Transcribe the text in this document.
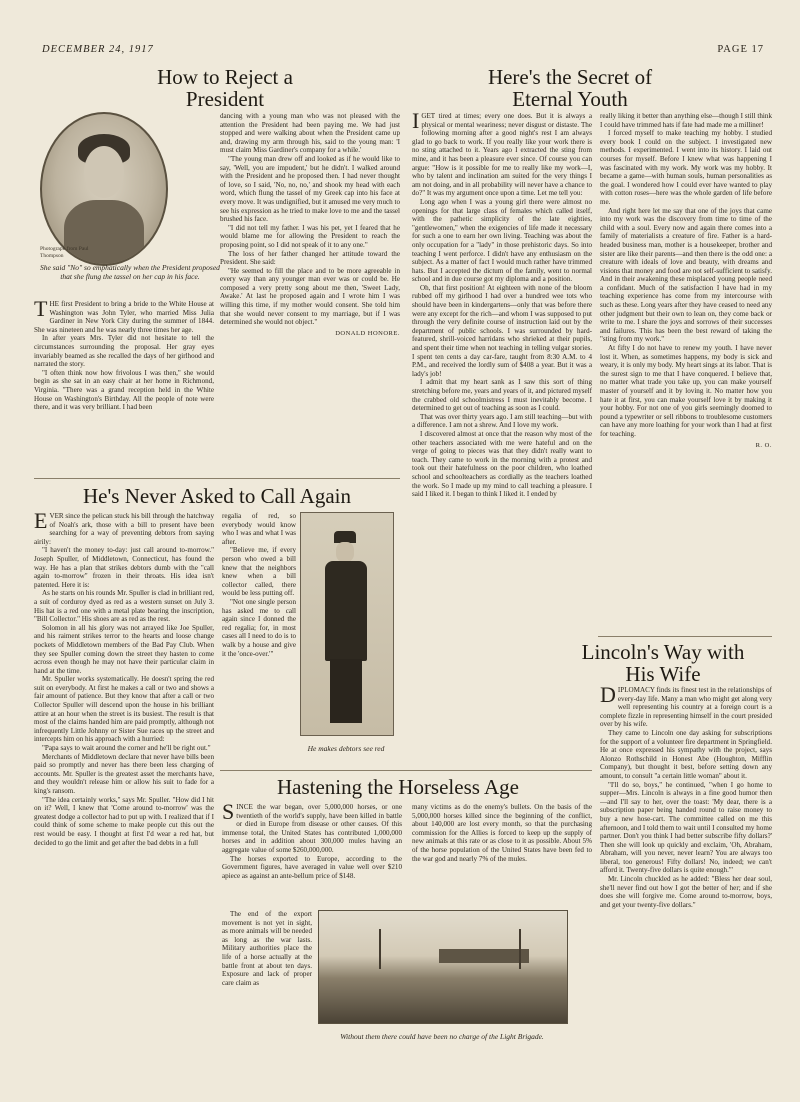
DECEMBER 24, 1917	PAGE 17
How to Reject a President
Photograph from Paul Thompson
She said "No" so emphatically when the President proposed that she flung the tassel on her cap in his face.

THE first President to bring a bride to the White House at Washington was John Tyler, who married Miss Julia Gardiner in New York City during the summer of 1844. She was nineteen and he was nearly three times her age.

In after years Mrs. Tyler did not hesitate to tell the circumstances surrounding the proposal. Her gray eyes invariably beamed as she recalled the days of her girlhood and narrated the story.

"I often think now how frivolous I was then," she would begin as she sat in an easy chair at her home in Richmond, Virginia. "There was a grand reception held in the White House on Washington's Birthday. All the people of note were there, and it was very brilliant. I had been

dancing with a young man who was not pleased with the attention the President had been paying me. We had just stopped and were walking about when the President came up and, drawing my arm through his, said to the young man: 'I must claim Miss Gardiner's company for a while.'

"The young man drew off and looked as if he would like to say, 'Well, you are impudent,' but he didn't. I walked around with the President and he proposed then. I had never thought of love, so I said, 'No, no, no,' and shook my head with each word, which flung the tassel of my Greek cap into his face at every move. It was undignified, but it amused me very much to see his expression as he tried to make love to me and the tassel brushed his face.

"I did not tell my father. I was his pet, yet I feared that he would blame me for allowing the President to reach the proposing point, so I did not speak of it to any one."

The loss of her father changed her attitude toward the President. She said:

"He seemed to fill the place and to be more agreeable in every way than any younger man ever was or could be. He composed a very pretty song about me then, 'Sweet Lady, Awake.' At last he proposed again and I wrote him I was willing this time, if my mother would consent. She told him that she would never consent to my marriage, but if I was determined she would not object."

DONALD HONORE.

Here's the Secret of Eternal Youth

IGET tired at times; every one does. But it is always a physical or mental weariness; never disgust or distaste. The following morning after a good night's rest I am always glad to go back to work. If you really like your work there is no sting attached to it. Years ago I extracted the sting from mine, and it has been a pleasure ever since. Of course you can argue: "How is it possible for me to really like my work—I, who by talent and inclination am suited for the very things I am not doing, and in all probability will never have a chance to do?" It was my argument once upon a time. Let me tell you:

Long ago when I was a young girl there were almost no openings for that large class of females which called itself, with the pathetic simplicity of the late eighties, "gentlewomen," when the exigencies of life made it necessary for such a one to earn her own living. Teaching was about the only occupation for a "lady" in those prehistoric days. So into teaching I went perforce. I didn't have any enthusiasm on the subject. As a matter of fact I would much rather have trimmed hats. But I accepted the dictum of the family, went to normal school and in due course got my diploma and a position.

Oh, that first position! At eighteen with none of the bloom rubbed off my girlhood I had over a hundred wee tots who should have been in kindergartens—only that was before there were any except for the rich—and whom I was supposed to put through the very definite course of instruction laid out by the department of public schools. I was surrounded by hard-featured, shrill-voiced harridans who shrieked at their pupils, and spent their time when not teaching in telling vulgar stories. I spent ten cents a day car-fare, taught from 8:30 A.M. to 4 P.M., and received the lordly sum of $408 a year. But it was a lady's job!

I admit that my heart sank as I saw this sort of thing stretching before me, years and years of it, and pictured myself the crabbed old schoolmistress I must inevitably become. I determined to get out of teaching as soon as I could.

That was over thirty years ago. I am still teaching—but with a difference. I am not a shrew. And I love my work.

I discovered almost at once that the reason why most of the other teachers associated with me were hateful and on the verge of going to pieces was that they didn't really want to teach. They came to work in the morning with a protest and took out their hatefulness on the poor children, who loathed school and schoolteachers as cordially as the teachers loathed the work. So I made up my mind to call teaching a pleasure. I said I liked it. I began to think I liked it. I ended by

really liking it better than anything else—though I still think I could have trimmed hats if fate had made me a milliner!

I forced myself to make teaching my hobby. I studied every book I could on the subject. I investigated new methods. I experimented. I went into its history. I laid out courses for myself. Before I knew what was happening I was fascinated with my work. My work was my hobby. It became a game—with human souls, human personalities as the goal. I wondered how I could ever have wanted to play with cotton roses—here was the whole garden of life before me.

And right here let me say that one of the joys that came into my work was the discovery from time to time of the child with a soul. Every now and again there comes into a family of materialists a creature of fire. Father is a hard-headed business man, mother is a housekeeper, brother and sister are like their parents—and then there is the odd one: a creature with ideals of love and beauty, with dreams and visions that money and food are not self-sufficient to satisfy. And in their awakening these misplaced young people need a confidant. Much of the satisfaction I have had in my teaching experience has come from my intercourse with such as these. Long years after they have ceased to need any other judgment but their own to lean on, they come back or write to me. I share the joys and sorrows of their successes and failures. This has been the best reward of taking the "sting from my work."

At fifty I do not have to renew my youth. I have never lost it. When, as sometimes happens, my body is sick and weary, it is only my body. My heart sings at its labor. That is the surest sign to me that I have conquered. I believe that, no matter what trade you take up, you can make yourself master of yourself and it by loving it. No matter how you hate it at first, you can make yourself love it by making it your hobby. For not one of you girls seemingly doomed to pound a typewriter or sell ribbons to troublesome customers can have any more loathing for your work than I had at first for teaching.

R. O.

He's Never Asked to Call Again

EVER since the pelican stuck his bill through the hatchway of Noah's ark, those with a bill to present have been searching for a way of preventing debtors from saying airily:

"I haven't the money to-day: just call around to-morrow." Joseph Spuller, of Middletown, Connecticut, has found the way. He has a plan that strikes debtors dumb with the "call again to-morrow" frozen in their throats. His idea isn't patented. Here it is:

As he starts on his rounds Mr. Spuller is clad in brilliant red, a suit of corduroy dyed as red as a western sunset on July 3. His hat is a red one with a metal plate bearing the inscription, "Bill Collector." His shoes are as red as the rest.

Solomon in all his glory was not arrayed like Joe Spuller, and his raiment strikes terror to the hearts and loose change pockets of Middletown members of the Bad Pay Club. When they see Spuller coming down the street they hasten to come across even though he may not have their particular claim in hand at the time.

Mr. Spuller works systematically. He doesn't spring the red suit on everybody. At first he makes a call or two and shows a fair amount of patience. But they know that after a call or two Collector Spuller will descend upon the house in his brilliant attire at an hour when the street is its busiest. The result is that most of the claims handed him are paid promptly, although not infrequently Little Johnny or Sister Sue races up the street and intercepts him on his approach with a hurried:

"Papa says to wait around the corner and he'll be right out."

Merchants of Middletown declare that never have bills been paid so promptly and never has there been less charging of accounts. Mr. Spuller is the greatest asset the merchants have, and they wouldn't release him or allow his suit to fade for a king's ransom.

"The idea certainly works," says Mr. Spuller. "How did I hit on it? Well, I knew that 'Come around to-morrow' was the greatest dodge a collector had to put up with. I realized that if I could think of some scheme to make people cut this out the rest would be easy. I thought at first I'd wear a red hat, but decided to go the limit and get after the bad debts in a full

regalia of red, so everybody would know who I was and what I was after.

"Believe me, if every person who owed a bill knew that the neighbors knew when a bill collector called, there would be less putting off.

"Not one single person has asked me to call again since I donned the red regalia; for, in most cases all I need to do is to walk by a house and give it the 'once-over.'"

He makes debtors see red
Hastening the Horseless Age

SINCE the war began, over 5,000,000 horses, or one twentieth of the world's supply, have been killed in battle or died in Europe from disease or other causes. Of this immense total, the United States has contributed 1,000,000 horses and in addition about 300,000 mules having an aggregate value of some $260,000,000.

The horses exported to Europe, according to the Government figures, have averaged in value well over $210 apiece as against an ante-bellum price of $148.

The end of the export movement is not yet in sight, as more animals will be needed as long as the war lasts. Military authorities place the life of a horse actually at the battle front at about ten days. Exposure and lack of proper care claim as

many victims as do the enemy's bullets. On the basis of the 5,000,000 horses killed since the beginning of the conflict, about 140,000 are lost every month, so that the purchasing commission for the Allies is forced to keep up the supply of new animals at this rate or as close to it as possible. About 5% of the horse population of the United States have been fed to the war god and nearly 7% of the mules.

Without them there could have been no charge of the Light Brigade.
Lincoln's Way with His Wife

DIPLOMACY finds its finest test in the relationships of every-day life. Many a man who might get along very well representing his country at a foreign court is a complete fizzle in representing himself in the court presided over by his wife.

They came to Lincoln one day asking for subscriptions for the support of a volunteer fire department in Springfield. He at once expressed his sympathy with the project, says Alonzo Rothschild in Honest Abe (Houghton, Mifflin Company), but thought it best, before setting down any amount, to consult "a certain little woman" about it.

"I'll do so, boys," he continued, "when I go home to supper—Mrs. Lincoln is always in a fine good humor then—and I'll say to her, over the toast: 'My dear, there is a subscription paper being handed round to raise money to buy a new hose-cart. The committee called on me this afternoon, and I told them to wait until I consulted my home partner. Don't you think I had better subscribe fifty dollars?' Then she will look up quickly and exclaim, 'Oh, Abraham, Abraham, will you never, never learn? You are always too liberal, too generous! Fifty dollars! No, indeed; we can't afford it. Twenty-five dollars is quite enough.'"

Mr. Lincoln chuckled as he added: "Bless her dear soul, she'll never find out how I got the better of her; and if she does she will forgive me. Come around to-morrow, boys, and get your twenty-five dollars."
